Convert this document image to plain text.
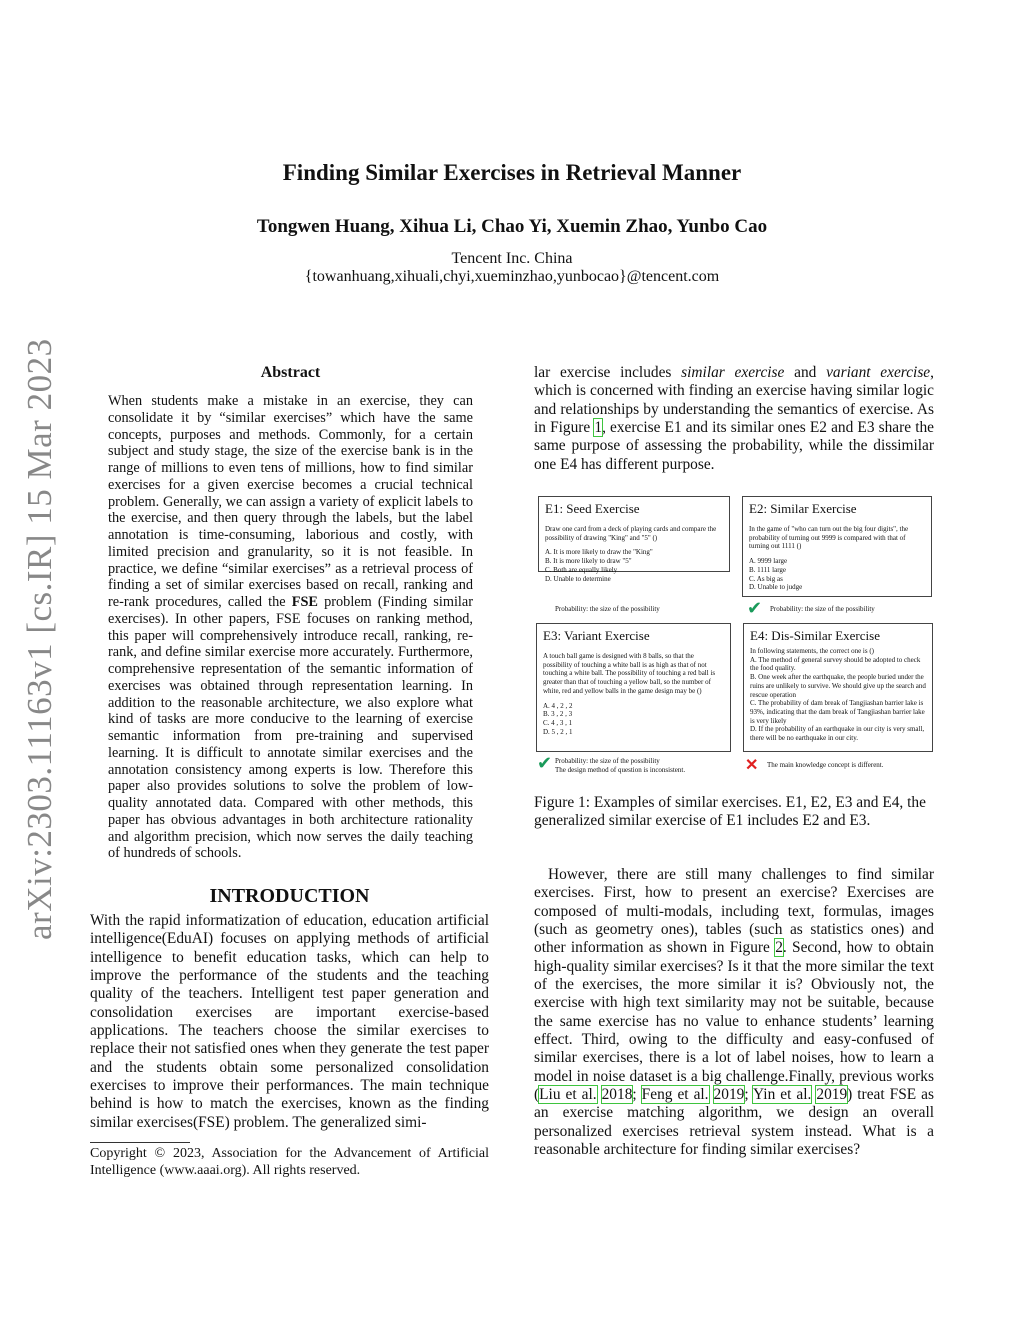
arXiv:2303.11163v1 [cs.IR] 15 Mar 2023
Finding Similar Exercises in Retrieval Manner
Tongwen Huang, Xihua Li, Chao Yi, Xuemin Zhao, Yunbo Cao
Tencent Inc. China
{towanhuang,xihuali,chyi,xueminzhao,yunbocao}@tencent.com
Abstract
When students make a mistake in an exercise, they can consolidate it by “similar exercises” which have the same concepts, purposes and methods. Commonly, for a certain subject and study stage, the size of the exercise bank is in the range of millions to even tens of millions, how to find similar exercises for a given exercise becomes a crucial technical problem. Generally, we can assign a variety of explicit labels to the exercise, and then query through the labels, but the label annotation is time-consuming, laborious and costly, with limited precision and granularity, so it is not feasible. In practice, we define “similar exercises” as a retrieval process of finding a set of similar exercises based on recall, ranking and re-rank procedures, called the FSE problem (Finding similar exercises). In other papers, FSE focuses on ranking method, this paper will comprehensively introduce recall, ranking, re-rank, and define similar exercise more accurately. Furthermore, comprehensive representation of the semantic information of exercises was obtained through representation learning. In addition to the reasonable architecture, we also explore what kind of tasks are more conducive to the learning of exercise semantic information from pre-training and supervised learning. It is difficult to annotate similar exercises and the annotation consistency among experts is low. Therefore this paper also provides solutions to solve the problem of low-quality annotated data. Compared with other methods, this paper has obvious advantages in both architecture rationality and algorithm precision, which now serves the daily teaching of hundreds of schools.
INTRODUCTION
With the rapid informatization of education, education artificial intelligence(EduAI) focuses on applying methods of artificial intelligence to benefit education tasks, which can help to improve the performance of the students and the teaching quality of the teachers. Intelligent test paper generation and consolidation exercises are important exercise-based applications. The teachers choose the similar exercises to replace their not satisfied ones when they generate the test paper and the students obtain some personalized consolidation exercises to improve their performances. The main technique behind is how to match the exercises, known as the finding similar exercises(FSE) problem. The generalized simi-
Copyright © 2023, Association for the Advancement of Artificial Intelligence (www.aaai.org). All rights reserved.
lar exercise includes similar exercise and variant exercise, which is concerned with finding an exercise having similar logic and relationships by understanding the semantics of exercise. As in Figure 1, exercise E1 and its similar ones E2 and E3 share the same purpose of assessing the probability, while the dissimilar one E4 has different purpose.
E1: Seed Exercise
Draw one card from a deck of playing cards and compare the possibility of drawing "King" and "5" ()
A. It is more likely to draw the "King"
B. It is more likely to draw "5"
C. Both are equally likely
D. Unable to determine
Probability: the size of the possibility
E2: Similar Exercise
In the game of "who can turn out the big four digits", the probability of turning out 9999 is compared with that of turning out 1111 ()
A. 9999 large
B. 1111 large
C. As big as
D. Unable to judge
✔ Probability: the size of the possibility
E3: Variant Exercise
A touch ball game is designed with 8 balls, so that the possibility of touching a white ball is as high as that of not touching a white ball. The possibility of touching a red ball is greater than that of touching a yellow ball, so the number of white, red and yellow balls in the game design may be ()
A. 4 , 2 , 2
B. 3 , 2 , 3
C. 4 , 3 , 1
D. 5 , 2 , 1
✔ Probability: the size of the possibility
The design method of question is inconsistent.
E4: Dis-Similar Exercise
In following statements, the correct one is ()
A. The method of general survey should be adopted to check the food quality.
B. One week after the earthquake, the people buried under the ruins are unlikely to survive. We should give up the search and rescue operation
C. The probability of dam break of Tangjiashan barrier lake is 93%, indicating that the dam break of Tangjiashan barrier lake is very likely
D. If the probability of an earthquake in our city is very small, there will be no earthquake in our city.
✕ The main knowledge concept is different.
Figure 1: Examples of similar exercises. E1, E2, E3 and E4, the generalized similar exercise of E1 includes E2 and E3.
However, there are still many challenges to find similar exercises. First, how to present an exercise? Exercises are composed of multi-modals, including text, formulas, images (such as geometry ones), tables (such as statistics ones) and other information as shown in Figure 2. Second, how to obtain high-quality similar exercises? Is it that the more similar the text of the exercises, the more similar it is? Obviously not, the exercise with high text similarity may not be suitable, because the same exercise has no value to enhance students’ learning effect. Third, owing to the difficulty and easy-confused of similar exercises, there is a lot of label noises, how to learn a model in noise dataset is a big challenge.Finally, previous works (Liu et al. 2018; Feng et al. 2019; Yin et al. 2019) treat FSE as an exercise matching algorithm, we design an overall personalized exercises retrieval system instead. What is a reasonable architecture for finding similar exercises?
